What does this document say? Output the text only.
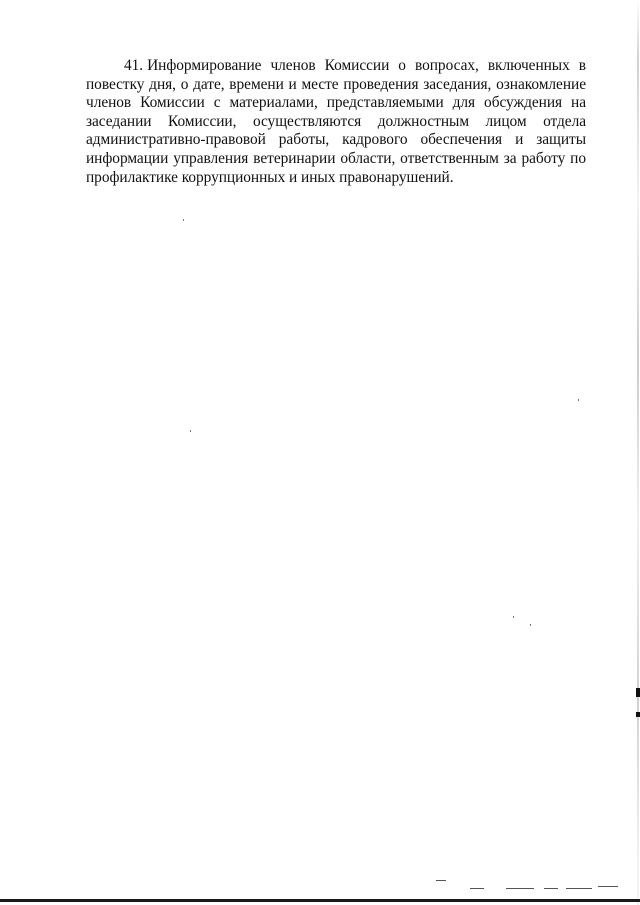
41. Информирование членов Комиссии о вопросах, включенных в повестку дня, о дате, времени и месте проведения заседания, ознакомление членов Комиссии с материалами, представляемыми для обсуждения на заседании Комиссии, осуществляются должностным лицом отдела административно-правовой работы, кадрового обеспечения и защиты информации управления ветеринарии области, ответственным за работу по профилактике коррупционных и иных правонарушений.
